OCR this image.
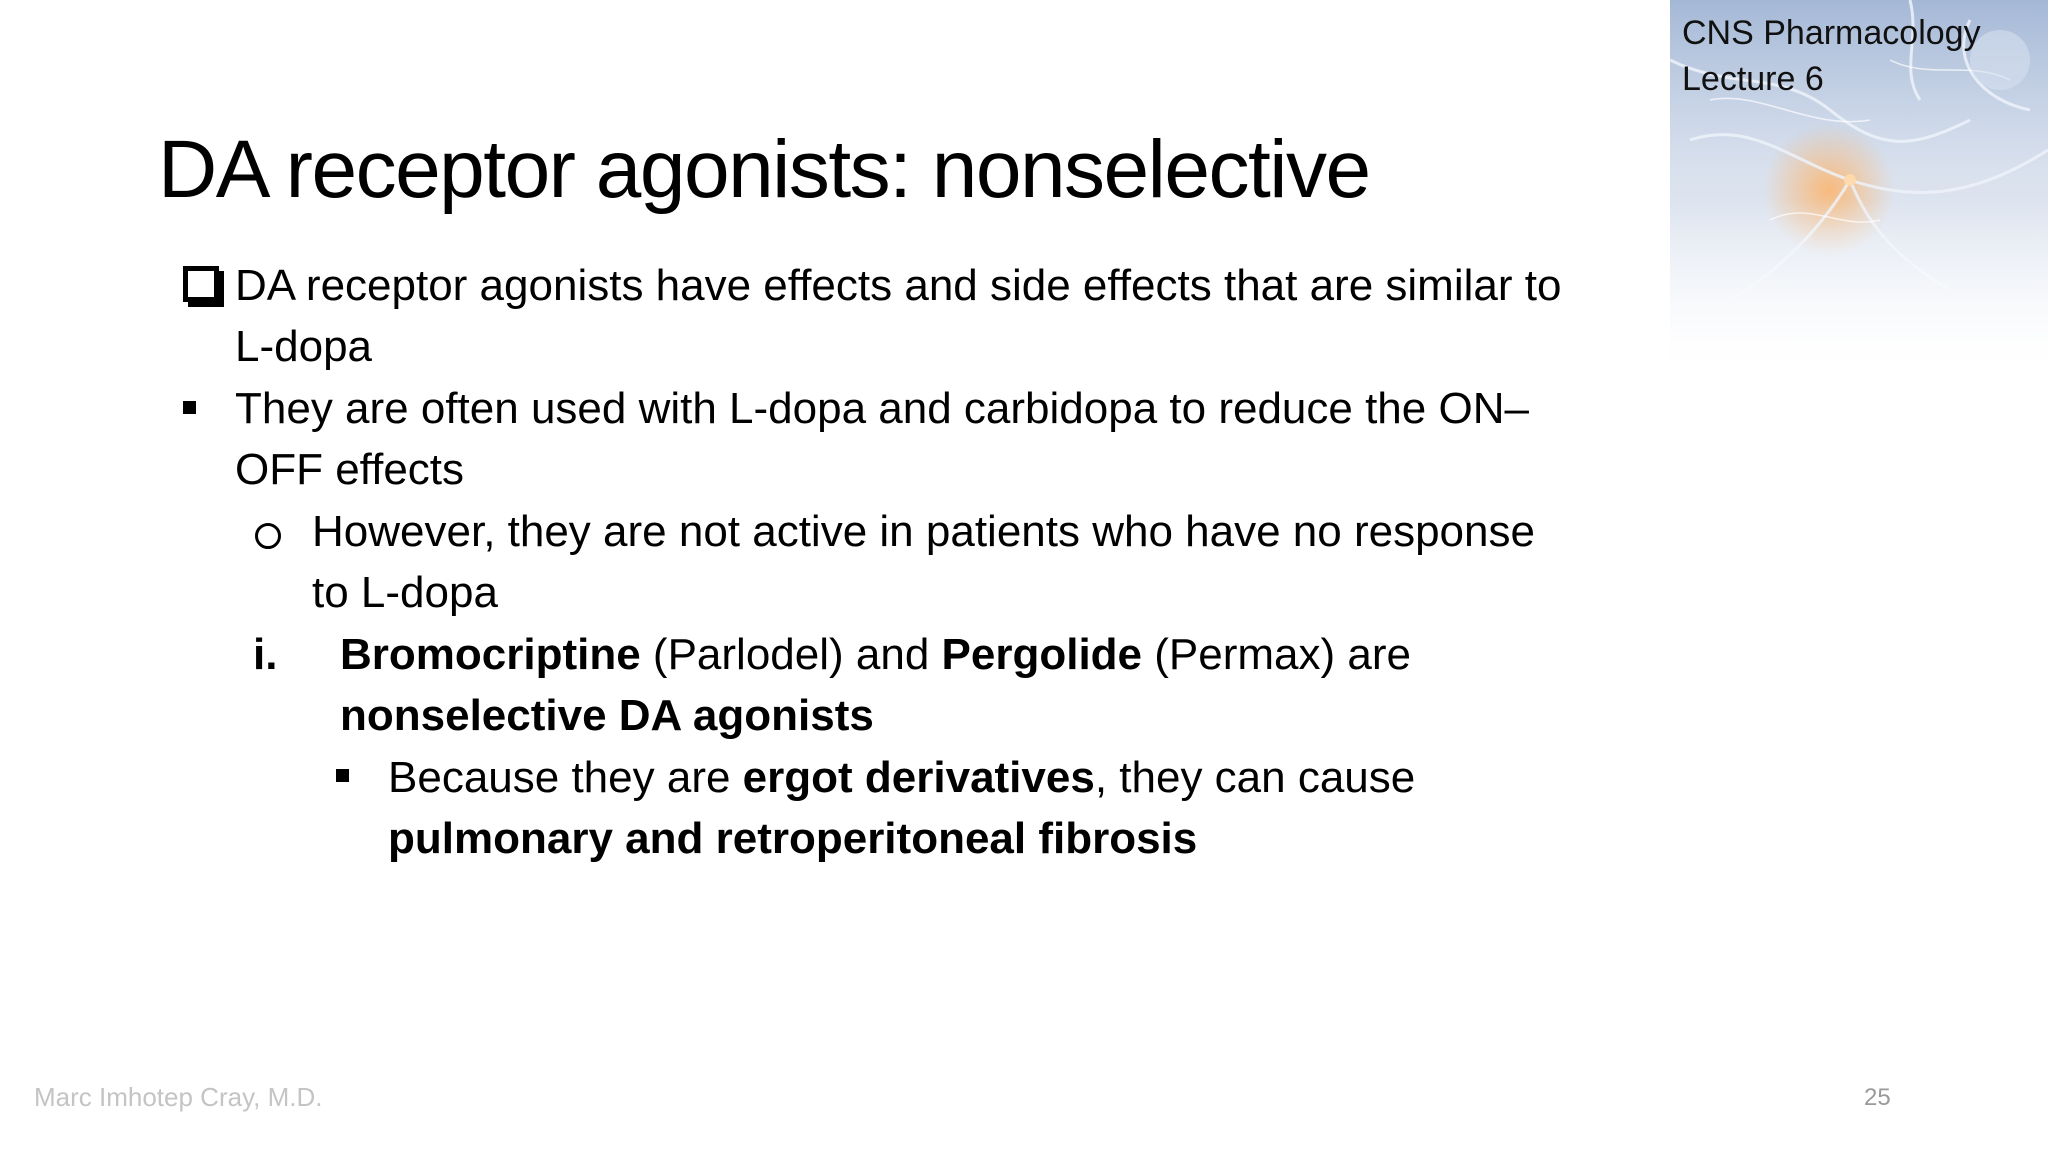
CNS Pharmacology
Lecture 6
DA receptor agonists: nonselective
DA receptor agonists have effects and side effects that are similar to
L-dopa
They are often used with L-dopa and carbidopa to reduce the ON–
OFF effects
However, they are not active in patients who have no response
to L-dopa
i. Bromocriptine (Parlodel) and Pergolide (Permax) are
nonselective DA agonists
Because they are ergot derivatives, they can cause
pulmonary and retroperitoneal fibrosis
Marc Imhotep Cray, M.D.	25
